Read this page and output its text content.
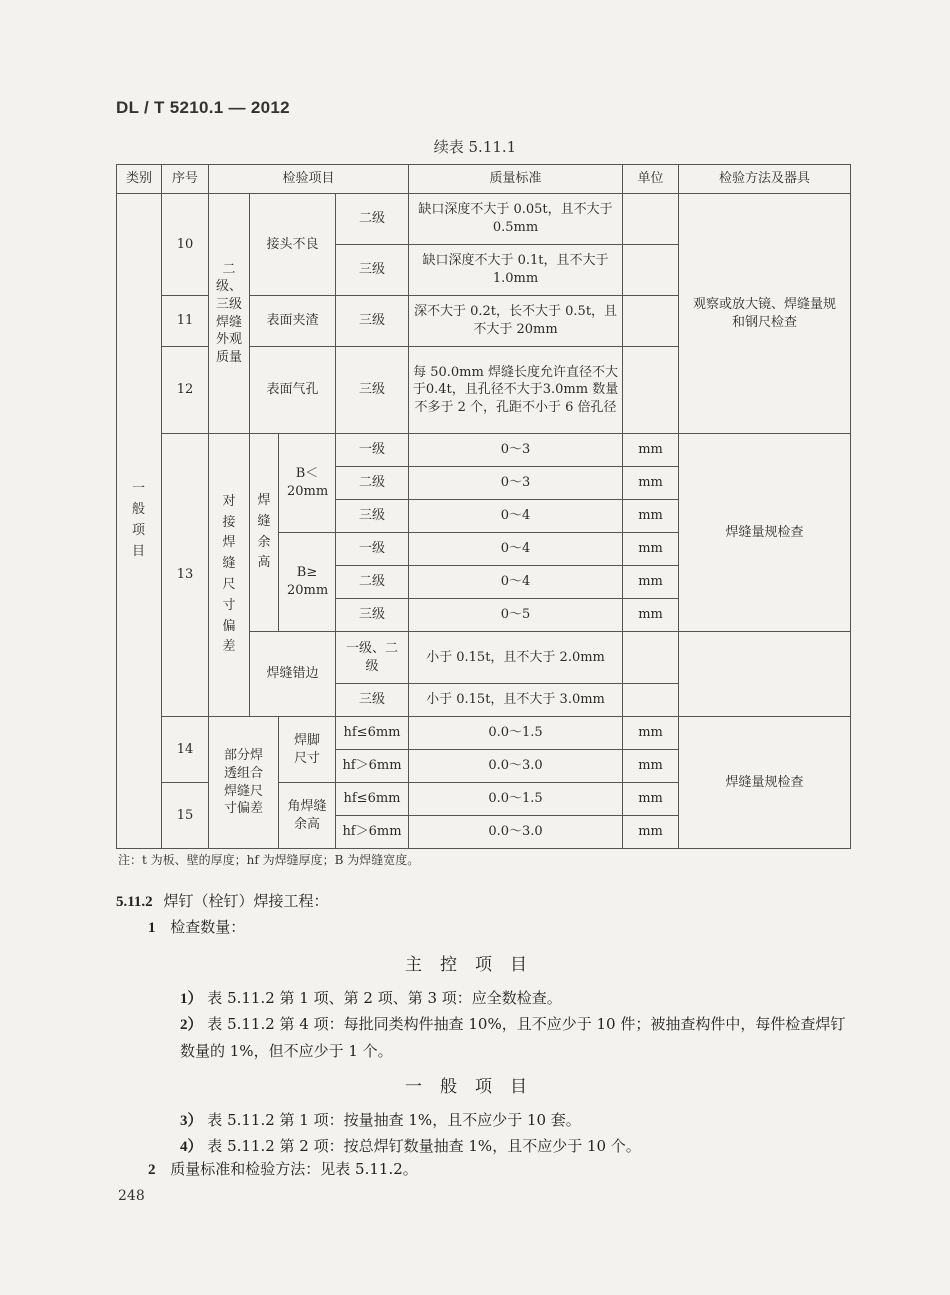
DL / T 5210.1 — 2012
续表 5.11.1
类别	序号	检验项目				质量标准	单位	检验方法及器具
一般项目	10	二级、三级焊缝外观质量	接头不良		二级	缺口深度不大于 0.05t，且不大于 0.5mm		观察或放大镜、焊缝量规和钢尺检查
					三级	缺口深度不大于 0.1t，且不大于 1.0mm		
	11		表面夹渣		三级	深不大于 0.2t，长不大于 0.5t，且不大于 20mm		
	12		表面气孔		三级	每 50.0mm 焊缝长度允许直径不大于0.4t，且孔径不大于3.0mm 数量不多于 2 个，孔距不小于 6 倍孔径		
	13	对接焊缝尺寸偏差	焊缝余高	B＜ 20mm	一级	0～3	mm	焊缝量规检查
					二级	0～3	mm	
					三级	0～4	mm	
				B≥ 20mm	一级	0～4	mm	
					二级	0～4	mm	
					三级	0～5	mm	
			焊缝错边		一级、二级	小于 0.15t，且不大于 2.0mm		
					三级	小于 0.15t，且不大于 3.0mm		
	14	部分焊透组合焊缝尺寸偏差		焊脚尺寸	hf≤6mm	0.0～1.5	mm	焊缝量规检查
					hf＞6mm	0.0～3.0	mm	
	15			角焊缝余高	hf≤6mm	0.0～1.5	mm	
					hf＞6mm	0.0～3.0	mm	
注：t 为板、壁的厚度；hf 为焊缝厚度；B 为焊缝宽度。
5.11.2 焊钉（栓钉）焊接工程：
1 检查数量：
主控项目
1） 表 5.11.2 第 1 项、第 2 项、第 3 项：应全数检查。
2） 表 5.11.2 第 4 项：每批同类构件抽查 10%，且不应少于 10 件；被抽查构件中，每件检查焊钉数量的 1%，但不应少于 1 个。
一般项目
3） 表 5.11.2 第 1 项：按量抽查 1%，且不应少于 10 套。
4） 表 5.11.2 第 2 项：按总焊钉数量抽查 1%，且不应少于 10 个。
2 质量标准和检验方法：见表 5.11.2。
248
